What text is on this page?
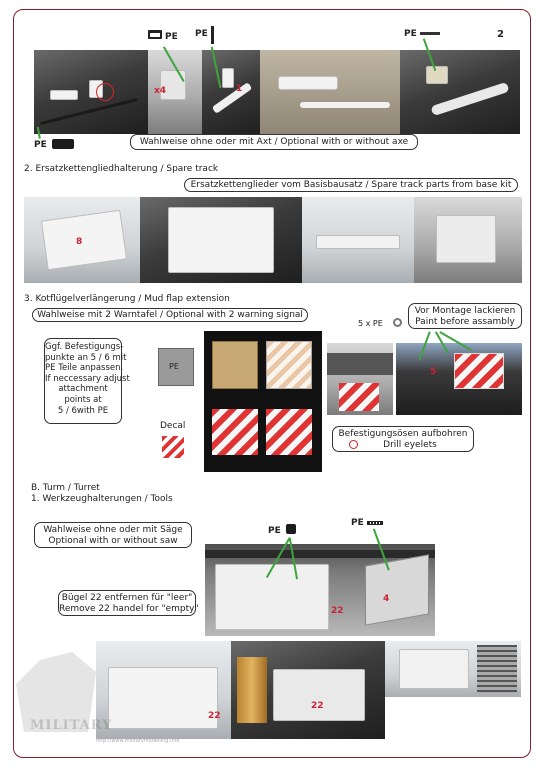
2
PE PE	PE
x4	1
PE	Wahlweise ohne oder mit Axt / Optional with or without axe
2. Ersatzkettengliedhalterung / Spare track
Ersatzkettenglieder vom Basisbausatz / Spare track parts from base kit
8
3. Kotflügelverlängerung / Mud flap extension
Wahlweise mit 2 Warntafel / Optional with 2 warning signal
5 x PE
Vor Montage lackieren
Paint before assambly
Ggf. Befestigungs-
punkte an 5 / 6 mit
PE Teile anpassen.
If neccessary adjust
attachment
points at
5 / 6with PE
PE
Decal
5
Befestigungsösen aufbohren
Drill eyelets
B. Turm / Turret
1. Werkzeughalterungen / Tools
Wahlweise ohne oder mit Säge
Optional with or without saw
Bügel 22 entfernen für "leer"
Remove 22 handel for "empty"
PE
PE
22
4
22
22
MILITARY
http://www.militarymodelling.info
